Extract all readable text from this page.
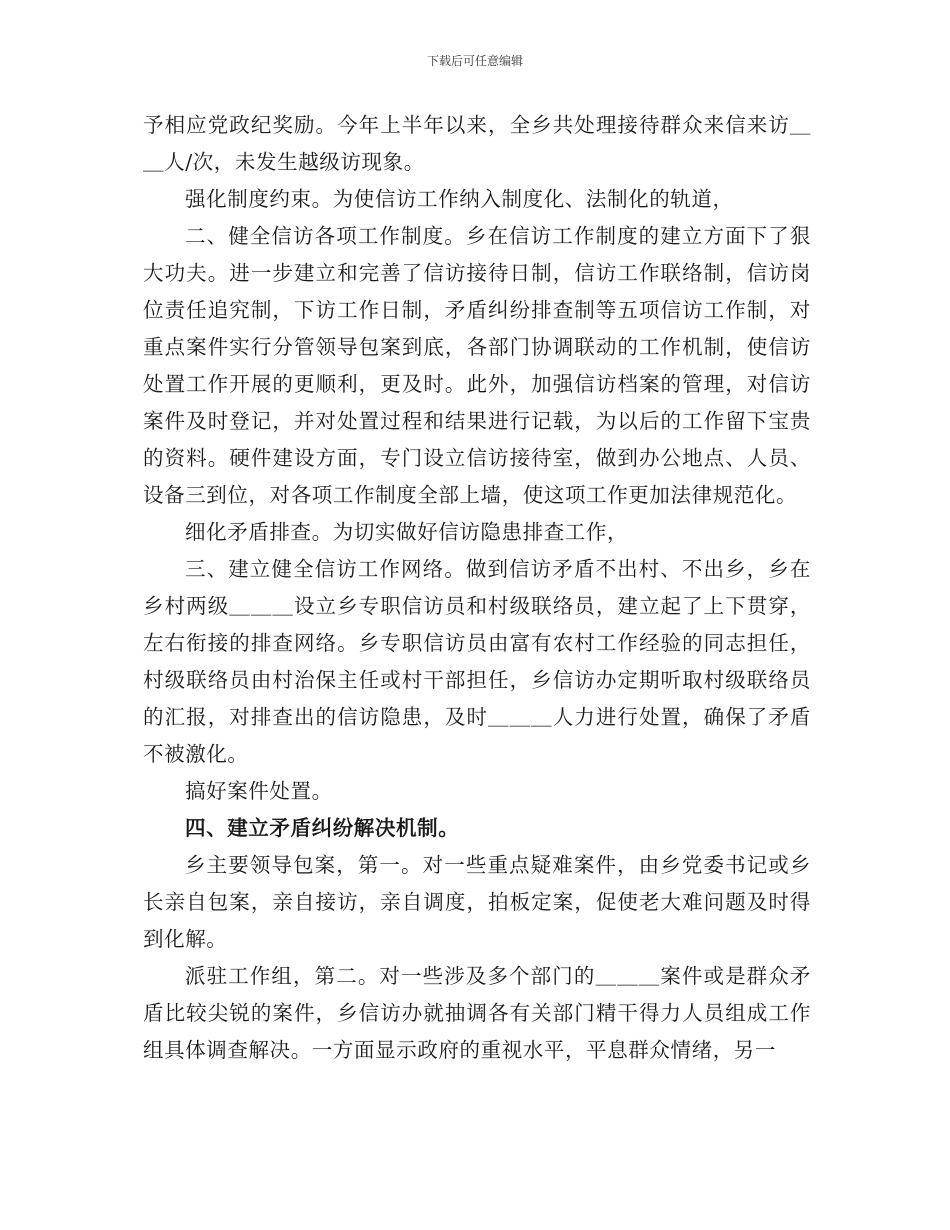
下载后可任意编辑

予相应党政纪奖励。今年上半年以来，全乡共处理接待群众来信来访＿＿人/次，未发生越级访现象。

强化制度约束。为使信访工作纳入制度化、法制化的轨道，

二、健全信访各项工作制度。乡在信访工作制度的建立方面下了狠大功夫。进一步建立和完善了信访接待日制，信访工作联络制，信访岗位责任追究制，下访工作日制，矛盾纠纷排查制等五项信访工作制，对重点案件实行分管领导包案到底，各部门协调联动的工作机制，使信访处置工作开展的更顺利，更及时。此外，加强信访档案的管理，对信访案件及时登记，并对处置过程和结果进行记载，为以后的工作留下宝贵的资料。硬件建设方面，专门设立信访接待室，做到办公地点、人员、设备三到位，对各项工作制度全部上墙，使这项工作更加法律规范化。

细化矛盾排查。为切实做好信访隐患排查工作，

三、建立健全信访工作网络。做到信访矛盾不出村、不出乡，乡在乡村两级＿＿＿设立乡专职信访员和村级联络员，建立起了上下贯穿，左右衔接的排查网络。乡专职信访员由富有农村工作经验的同志担任，村级联络员由村治保主任或村干部担任，乡信访办定期听取村级联络员的汇报，对排查出的信访隐患，及时＿＿＿人力进行处置，确保了矛盾不被激化。

搞好案件处置。

四、建立矛盾纠纷解决机制。

乡主要领导包案，第一。对一些重点疑难案件，由乡党委书记或乡长亲自包案，亲自接访，亲自调度，拍板定案，促使老大难问题及时得到化解。

派驻工作组，第二。对一些涉及多个部门的＿＿＿案件或是群众矛盾比较尖锐的案件，乡信访办就抽调各有关部门精干得力人员组成工作组具体调查解决。一方面显示政府的重视水平，平息群众情绪，另一
